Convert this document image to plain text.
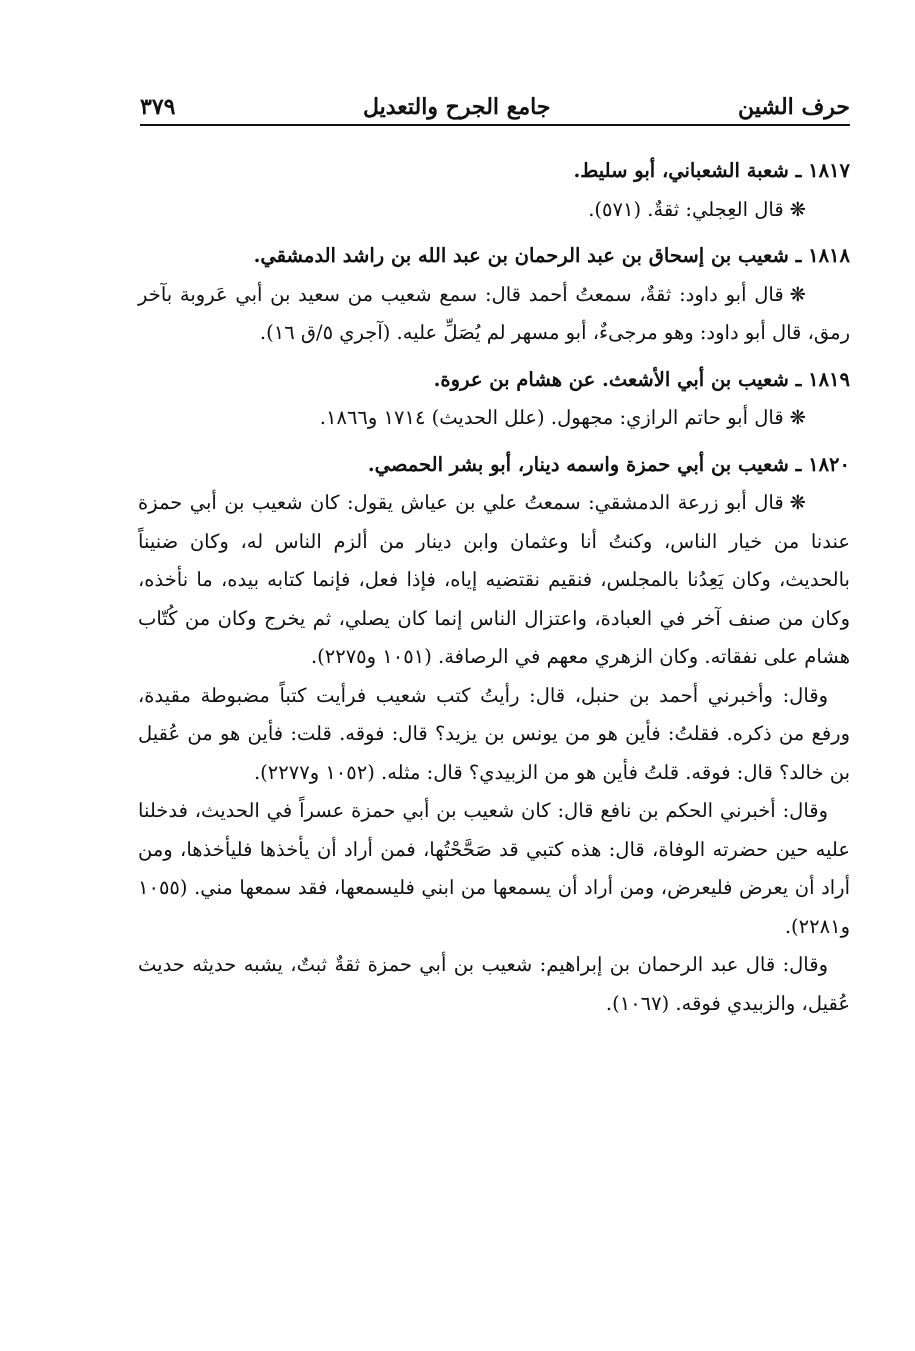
حرف الشين
جامع الجرح والتعديل
٣٧٩

١٨١٧ ـ شعبة الشعباني، أبو سليط.

❋قال العِجلي: ثقةٌ. (٥٧١).

١٨١٨ ـ شعيب بن إسحاق بن عبد الرحمان بن عبد الله بن راشد الدمشقي.

❋قال أبو داود: ثقةٌ، سمعتُ أحمد قال: سمع شعيب من سعيد بن أبي عَروبة بآخر رمق، قال أبو داود: وهو مرجىءٌ، أبو مسهر لم يُصَلِّ عليه. (آجري ٥/ق ١٦).

١٨١٩ ـ شعيب بن أبي الأشعث. عن هشام بن عروة.

❋قال أبو حاتم الرازي: مجهول. (علل الحديث) ١٧١٤ و١٨٦٦.

١٨٢٠ ـ شعيب بن أبي حمزة واسمه دينار، أبو بشر الحمصي.

❋قال أبو زرعة الدمشقي: سمعتُ علي بن عياش يقول: كان شعيب بن أبي حمزة عندنا من خيار الناس، وكنتُ أنا وعثمان وابن دينار من ألزم الناس له، وكان ضنيناً بالحديث، وكان يَعِدُنا بالمجلس، فنقيم نقتضيه إياه، فإذا فعل، فإنما كتابه بيده، ما نأخذه، وكان من صنف آخر في العبادة، واعتزال الناس إنما كان يصلي، ثم يخرج وكان من كُتّاب هشام على نفقاته. وكان الزهري معهم في الرصافة. (١٠٥١ و٢٢٧٥).

وقال: وأخبرني أحمد بن حنبل، قال: رأيتُ كتب شعيب فرأيت كتباً مضبوطة مقيدة، ورفع من ذكره. فقلتُ: فأين هو من يونس بن يزيد؟ قال: فوقه. قلت: فأين هو من عُقيل بن خالد؟ قال: فوقه. قلتُ فأين هو من الزبيدي؟ قال: مثله. (١٠٥٢ و٢٢٧٧).

وقال: أخبرني الحكم بن نافع قال: كان شعيب بن أبي حمزة عسراً في الحديث، فدخلنا عليه حين حضرته الوفاة، قال: هذه كتبي قد صَحَّحْتُها، فمن أراد أن يأخذها فليأخذها، ومن أراد أن يعرض فليعرض، ومن أراد أن يسمعها من ابني فليسمعها، فقد سمعها مني. (١٠٥٥ و٢٢٨١).

وقال: قال عبد الرحمان بن إبراهيم: شعيب بن أبي حمزة ثقةٌ ثبتٌ، يشبه حديثه حديث عُقيل، والزبيدي فوقه. (١٠٦٧).
